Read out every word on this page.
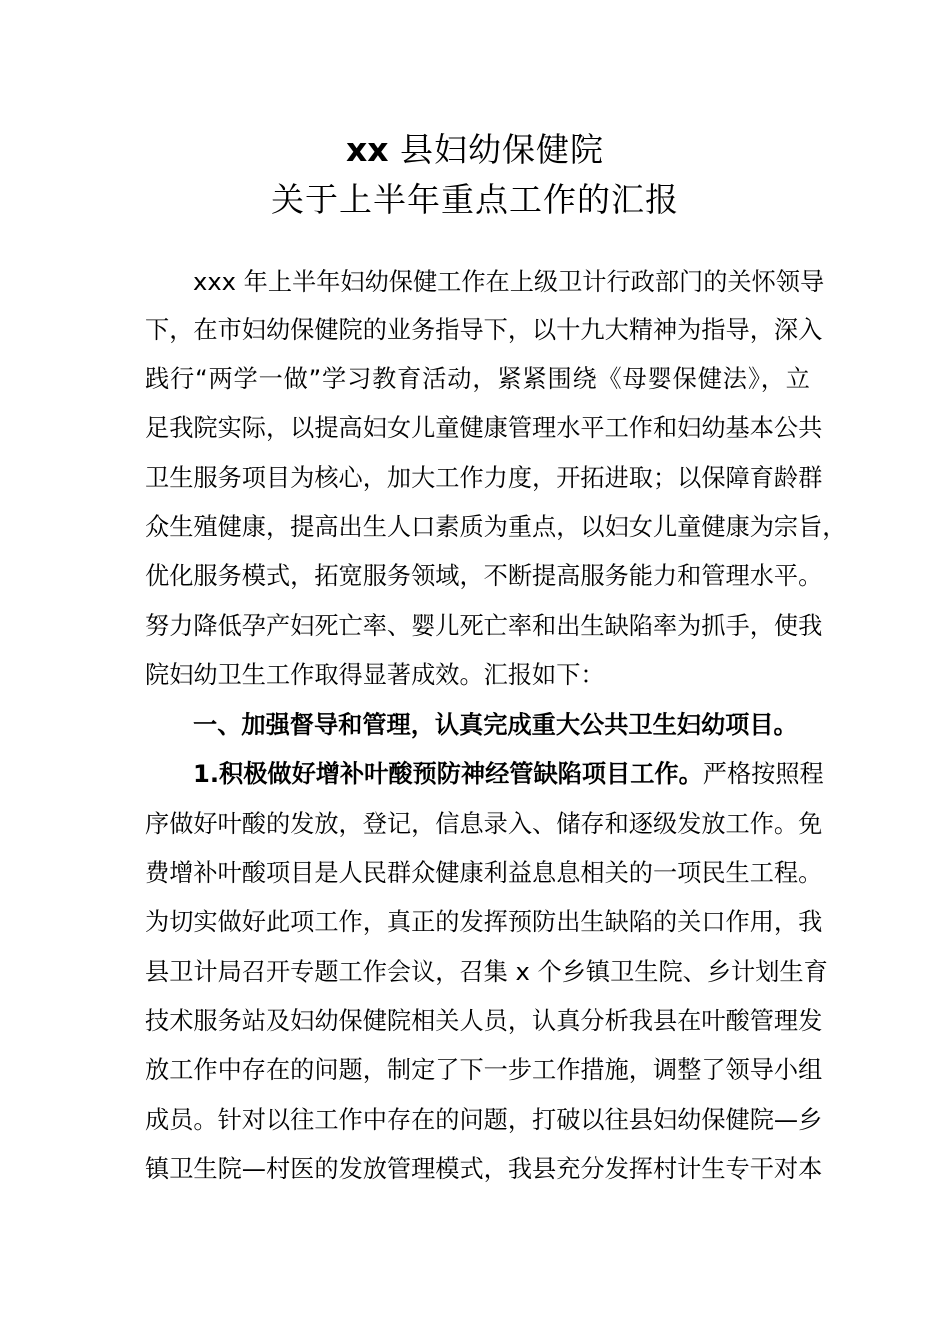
xx 县妇幼保健院
关于上半年重点工作的汇报
xxx 年上半年妇幼保健工作在上级卫计行政部门的关怀领导
下，在市妇幼保健院的业务指导下，以十九大精神为指导，深入
践行“两学一做”学习教育活动，紧紧围绕《母婴保健法》，立
足我院实际，以提高妇女儿童健康管理水平工作和妇幼基本公共
卫生服务项目为核心，加大工作力度，开拓进取；以保障育龄群
众生殖健康，提高出生人口素质为重点，以妇女儿童健康为宗旨，
优化服务模式，拓宽服务领域，不断提高服务能力和管理水平。
努力降低孕产妇死亡率、婴儿死亡率和出生缺陷率为抓手，使我
院妇幼卫生工作取得显著成效。汇报如下：
一、加强督导和管理，认真完成重大公共卫生妇幼项目。
1.积极做好增补叶酸预防神经管缺陷项目工作。严格按照程
序做好叶酸的发放，登记，信息录入、储存和逐级发放工作。免
费增补叶酸项目是人民群众健康利益息息相关的一项民生工程。
为切实做好此项工作，真正的发挥预防出生缺陷的关口作用，我
县卫计局召开专题工作会议，召集 x 个乡镇卫生院、乡计划生育
技术服务站及妇幼保健院相关人员，认真分析我县在叶酸管理发
放工作中存在的问题，制定了下一步工作措施，调整了领导小组
成员。针对以往工作中存在的问题，打破以往县妇幼保健院—乡
镇卫生院—村医的发放管理模式，我县充分发挥村计生专干对本
